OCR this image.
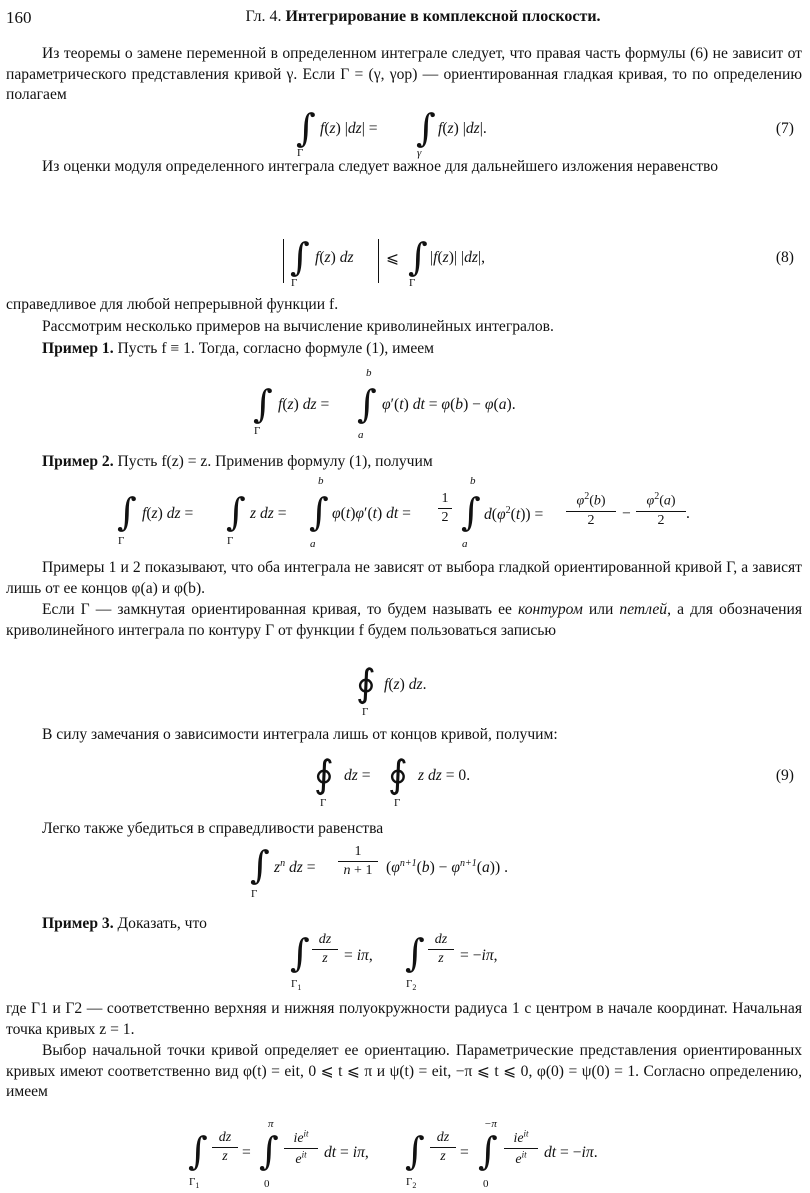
160	Гл. 4. Интегрирование в комплексной плоскости.
Из теоремы о замене переменной в определенном интеграле следует, что правая часть формулы (6) не зависит от параметрического представления кривой γ. Если Γ = (γ, γор) — ориентированная гладкая кривая, то по определению полагаем
∫
Γ
f(z) |dz| = ∫
γ
f(z) |dz|.	(7)
Из оценки модуля определенного интеграла следует важное для дальнейшего изложения неравенство
∫
Γ
f(z) dz ⩽ ∫
Γ
|f(z)| |dz|,	(8)
справедливое для любой непрерывной функции f.
Рассмотрим несколько примеров на вычисление криволинейных интегралов.
Пример 1. Пусть f ≡ 1. Тогда, согласно формуле (1), имеем
∫
Γ
f(z) dz =
b
∫
a
φ′(t) dt = φ(b) − φ(a).
Пример 2. Пусть f(z) = z. Применив формулу (1), получим
∫
Γ
f(z) dz = ∫
Γ
z dz =
b
∫
a
φ(t)φ′(t) dt =
1
2
b
∫
a
$d(\varphi^2(t))$ =
$\varphi^2(b)$
2	−
$\varphi^2(a)$
2	.
Примеры 1 и 2 показывают, что оба интеграла не зависят от выбора гладкой ориентированной кривой Γ, а зависят лишь от ее концов φ(a) и φ(b).
Если Γ — замкнутая ориентированная кривая, то будем называть ее контуром или петлей, а для обозначения криволинейного интеграла по контуру Γ от функции f будем пользоваться записью
∮
Γ
f(z) dz.
В силу замечания о зависимости интеграла лишь от концов кривой, получим:
∮
Γ
dz = ∮
Γ
z dz = 0.	(9)
Легко также убедиться в справедливости равенства
∫
Γ
$z^n$ dz =
1
n + 1 $(\varphi^{n+1}(b) - \varphi^{n+1}(a))$ .
Пример 3. Доказать, что
∫
$\Gamma_1$
dz
z	= iπ, ∫
$\Gamma_2$
dz
z	= −iπ,
где Γ1 и Γ2 — соответственно верхняя и нижняя полуокружности радиуса 1 с центром в начале координат. Начальная точка кривых z = 1.
Выбор начальной точки кривой определяет ее ориентацию. Параметрические представления ориентированных кривых имеют соответственно вид φ(t) = eit, 0 ⩽ t ⩽ π и ψ(t) = eit, −π ⩽ t ⩽ 0, φ(0) = ψ(0) = 1. Согласно определению, имеем
∫
$\Gamma_1$
dz
z =
π
∫
0
$ie^{it}$
$e^{it}$	dt = iπ, ∫
$\Gamma_2$
dz
z =
−π
∫
0
$ie^{it}$
$e^{it}$	dt = −iπ.
